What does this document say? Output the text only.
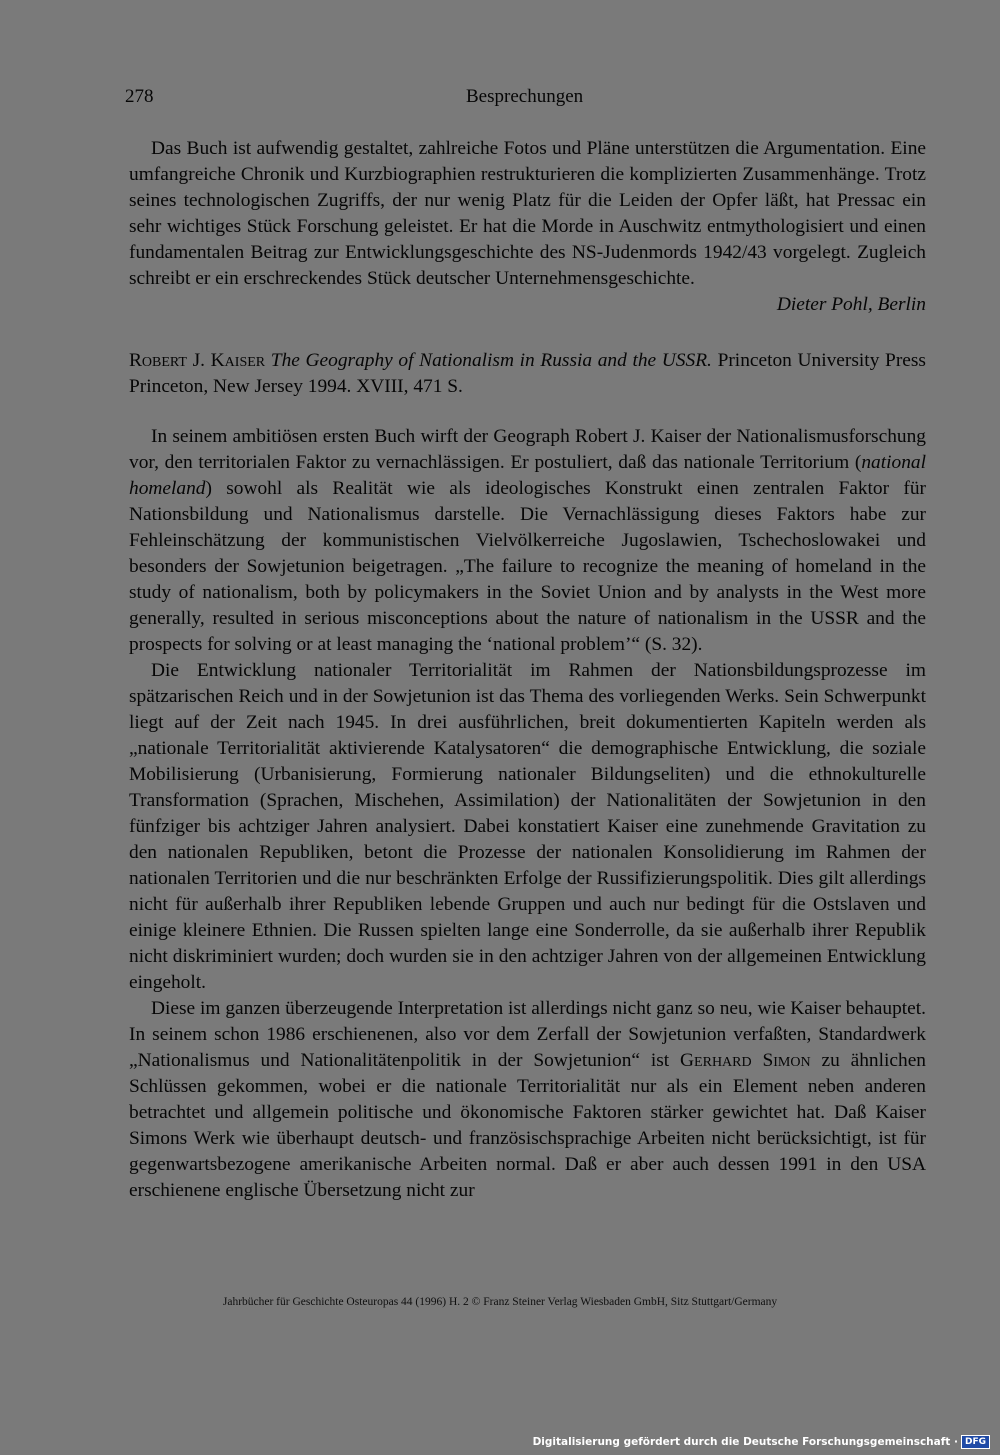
278	Besprechungen

Das Buch ist aufwendig gestaltet, zahlreiche Fotos und Pläne unterstützen die Argumentation. Eine umfangreiche Chronik und Kurzbiographien restrukturieren die komplizierten Zusammenhänge. Trotz seines technologischen Zugriffs, der nur wenig Platz für die Leiden der Opfer läßt, hat Pressac ein sehr wichtiges Stück Forschung geleistet. Er hat die Morde in Auschwitz entmythologisiert und einen fundamentalen Beitrag zur Entwicklungsgeschichte des NS-Judenmords 1942/43 vorgelegt. Zugleich schreibt er ein erschreckendes Stück deutscher Unternehmensgeschichte.

Dieter Pohl, Berlin

Robert J. Kaiser The Geography of Nationalism in Russia and the USSR. Princeton University Press Princeton, New Jersey 1994. XVIII, 471 S.

In seinem ambitiösen ersten Buch wirft der Geograph Robert J. Kaiser der Nationalismusforschung vor, den territorialen Faktor zu vernachlässigen. Er postuliert, daß das nationale Territorium (national homeland) sowohl als Realität wie als ideologisches Konstrukt einen zentralen Faktor für Nationsbildung und Nationalismus darstelle. Die Vernachlässigung dieses Faktors habe zur Fehleinschätzung der kommunistischen Vielvölkerreiche Jugoslawien, Tschechoslowakei und besonders der Sowjetunion beigetragen. „The failure to recognize the meaning of homeland in the study of nationalism, both by policymakers in the Soviet Union and by analysts in the West more generally, resulted in serious misconceptions about the nature of nationalism in the USSR and the prospects for solving or at least managing the ‘national problem’“ (S. 32).

Die Entwicklung nationaler Territorialität im Rahmen der Nationsbildungsprozesse im spätzarischen Reich und in der Sowjetunion ist das Thema des vorliegenden Werks. Sein Schwerpunkt liegt auf der Zeit nach 1945. In drei ausführlichen, breit dokumentierten Kapiteln werden als „nationale Territorialität aktivierende Katalysatoren“ die demographische Entwicklung, die soziale Mobilisierung (Urbanisierung, Formierung nationaler Bildungseliten) und die ethnokulturelle Transformation (Sprachen, Mischehen, Assimilation) der Nationalitäten der Sowjetunion in den fünfziger bis achtziger Jahren analysiert. Dabei konstatiert Kaiser eine zunehmende Gravitation zu den nationalen Republiken, betont die Prozesse der nationalen Konsolidierung im Rahmen der nationalen Territorien und die nur beschränkten Erfolge der Russifizierungspolitik. Dies gilt allerdings nicht für außerhalb ihrer Republiken lebende Gruppen und auch nur bedingt für die Ostslaven und einige kleinere Ethnien. Die Russen spielten lange eine Sonderrolle, da sie außerhalb ihrer Republik nicht diskriminiert wurden; doch wurden sie in den achtziger Jahren von der allgemeinen Entwicklung eingeholt.

Diese im ganzen überzeugende Interpretation ist allerdings nicht ganz so neu, wie Kaiser behauptet. In seinem schon 1986 erschienenen, also vor dem Zerfall der Sowjetunion verfaßten, Standardwerk „Nationalismus und Nationalitätenpolitik in der Sowjetunion“ ist Gerhard Simon zu ähnlichen Schlüssen gekommen, wobei er die nationale Territorialität nur als ein Element neben anderen betrachtet und allgemein politische und ökonomische Faktoren stärker gewichtet hat. Daß Kaiser Simons Werk wie überhaupt deutsch- und französischsprachige Arbeiten nicht berücksichtigt, ist für gegenwartsbezogene amerikanische Arbeiten normal. Daß er aber auch dessen 1991 in den USA erschienene englische Übersetzung nicht zur

Jahrbücher für Geschichte Osteuropas 44 (1996) H. 2 © Franz Steiner Verlag Wiesbaden GmbH, Sitz Stuttgart/Germany
Digitalisierung gefördert durch die Deutsche Forschungsgemeinschaft · DFG
